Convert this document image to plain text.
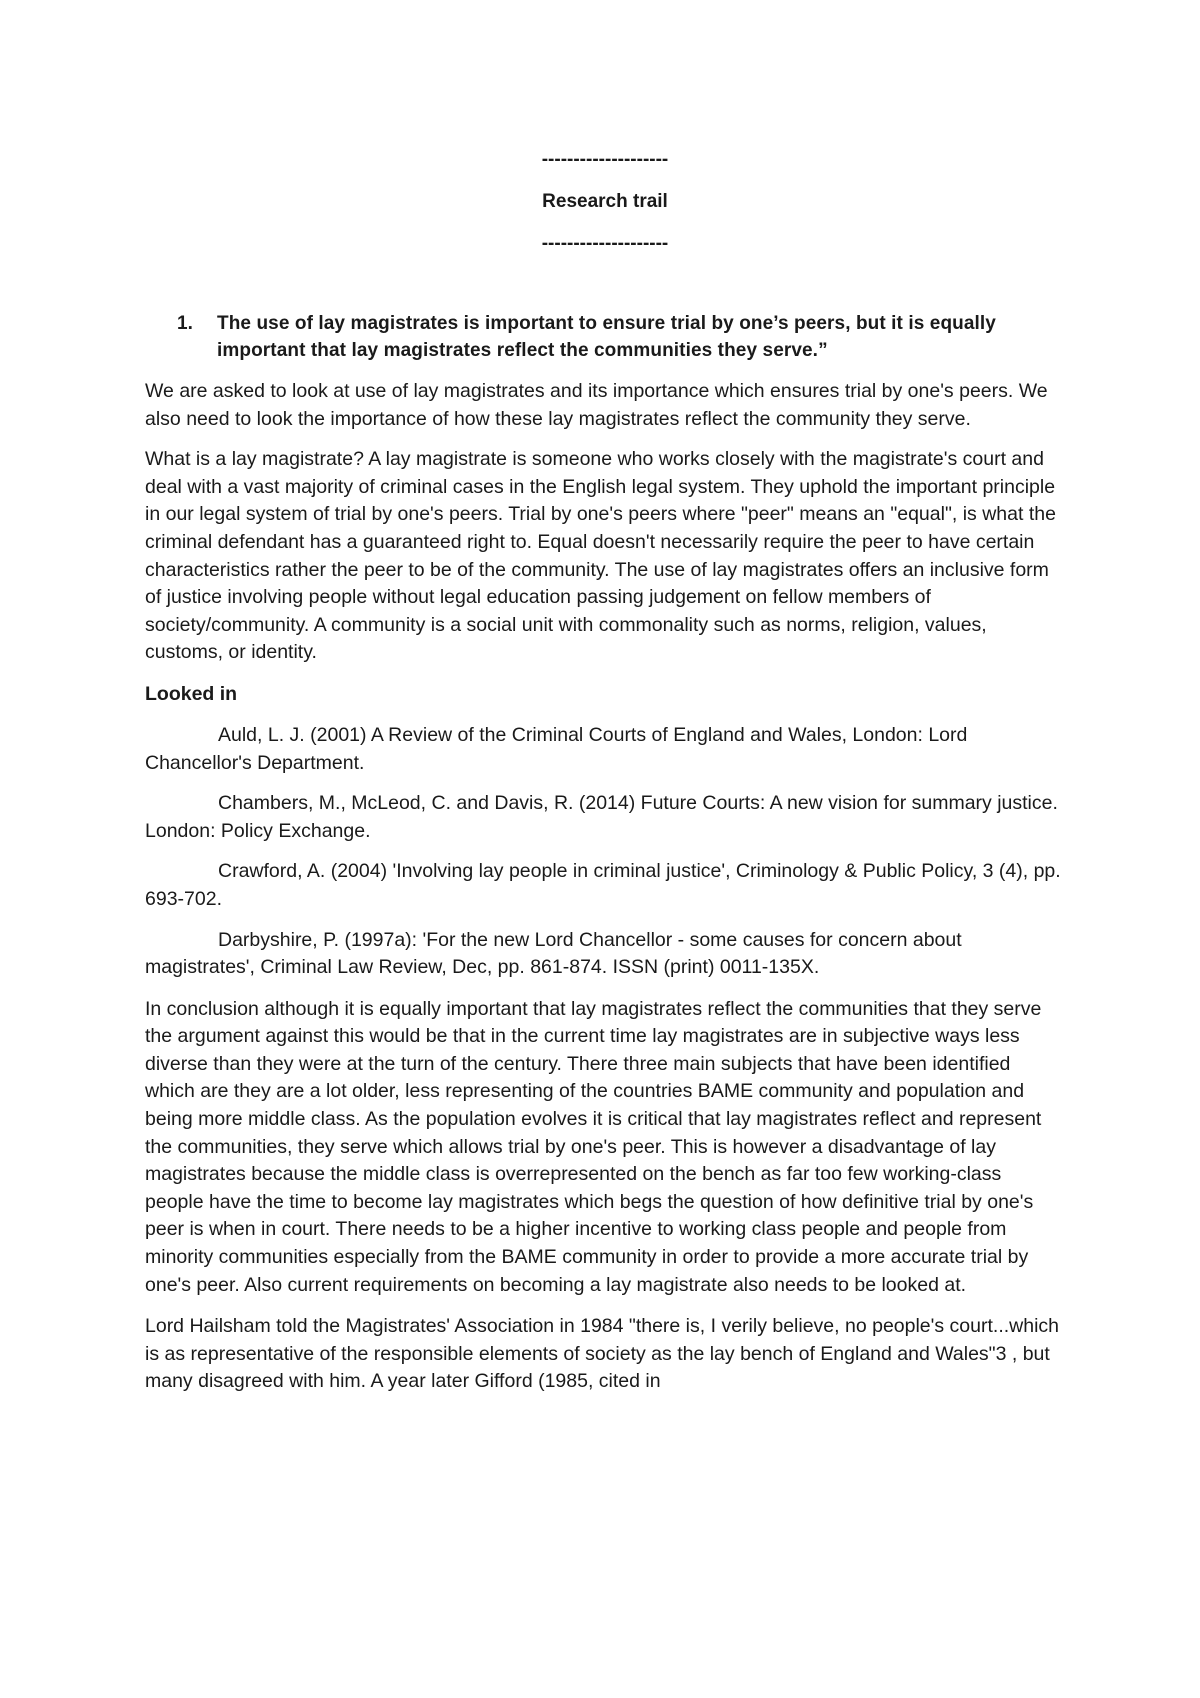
--------------------
Research trail
--------------------
1.	The use of lay magistrates is important to ensure trial by one’s peers, but it is equally important that lay magistrates reflect the communities they serve.”

We are asked to look at use of lay magistrates and its importance which ensures trial by one's peers. We also need to look the importance of how these lay magistrates reflect the community they serve.

What is a lay magistrate? A lay magistrate is someone who works closely with the magistrate's court and deal with a vast majority of criminal cases in the English legal system. They uphold the important principle in our legal system of trial by one's peers. Trial by one's peers where "peer" means an "equal", is what the criminal defendant has a guaranteed right to. Equal doesn't necessarily require the peer to have certain characteristics rather the peer to be of the community. The use of lay magistrates offers an inclusive form of justice involving people without legal education passing judgement on fellow members of society/community. A community is a social unit with commonality such as norms, religion, values, customs, or identity.

Looked in

Auld, L. J. (2001) A Review of the Criminal Courts of England and Wales, London: Lord Chancellor's Department.

Chambers, M., McLeod, C. and Davis, R. (2014) Future Courts: A new vision for summary justice. London: Policy Exchange.

Crawford, A. (2004) 'Involving lay people in criminal justice', Criminology & Public Policy, 3 (4), pp. 693-702.

Darbyshire, P. (1997a): 'For the new Lord Chancellor - some causes for concern about magistrates', Criminal Law Review, Dec, pp. 861-874. ISSN (print) 0011-135X.

In conclusion although it is equally important that lay magistrates reflect the communities that they serve the argument against this would be that in the current time lay magistrates are in subjective ways less diverse than they were at the turn of the century. There three main subjects that have been identified which are they are a lot older, less representing of the countries BAME community and population and being more middle class. As the population evolves it is critical that lay magistrates reflect and represent the communities, they serve which allows trial by one's peer. This is however a disadvantage of lay magistrates because the middle class is overrepresented on the bench as far too few working-class people have the time to become lay magistrates which begs the question of how definitive trial by one's peer is when in court. There needs to be a higher incentive to working class people and people from minority communities especially from the BAME community in order to provide a more accurate trial by one's peer. Also current requirements on becoming a lay magistrate also needs to be looked at.

Lord Hailsham told the Magistrates' Association in 1984 "there is, I verily believe, no people's court...which is as representative of the responsible elements of society as the lay bench of England and Wales"3 , but many disagreed with him. A year later Gifford (1985, cited in
